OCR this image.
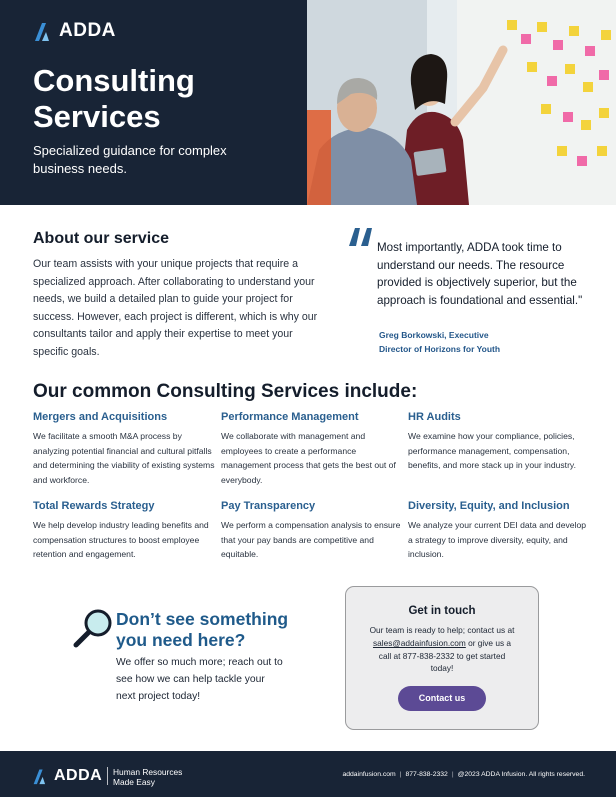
ADDA
Consulting Services

Specialized guidance for complex business needs.

About our service

Our team assists with your unique projects that require a specialized approach. After collaborating to understand your needs, we build a detailed plan to guide your project for success. However, each project is different, which is why our consultants tailor and apply their expertise to meet your specific goals.

Most importantly, ADDA took time to understand our needs. The resource provided is objectively superior, but the approach is foundational and essential."

Greg Borkowski, Executive
Director of Horizons for Youth
Our common Consulting Services include:
Mergers and Acquisitions

We facilitate a smooth M&A process by analyzing potential financial and cultural pitfalls and determining the viability of existing systems and workforce.

Performance Management

We collaborate with management and employees to create a performance management process that gets the best out of everybody.

HR Audits

We examine how your compliance, policies, performance management, compensation, benefits, and more stack up in your industry.

Total Rewards Strategy

We help develop industry leading benefits and compensation structures to boost employee retention and engagement.

Pay Transparency

We perform a compensation analysis to ensure that your pay bands are competitive and equitable.

Diversity, Equity, and Inclusion

We analyze your current DEI data and develop a strategy to improve diversity, equity, and inclusion.

Don’t see something you need here?

We offer so much more; reach out to see how we can help tackle your next project today!

Get in touch

Our team is ready to help; contact us at sales@addainfusion.com or give us a call at 877-838-2332 to get started today!

Contact us
ADDA Human Resources
Made Easy
addainfusion.com | 877-838-2332 | @2023 ADDA Infusion. All rights reserved.
